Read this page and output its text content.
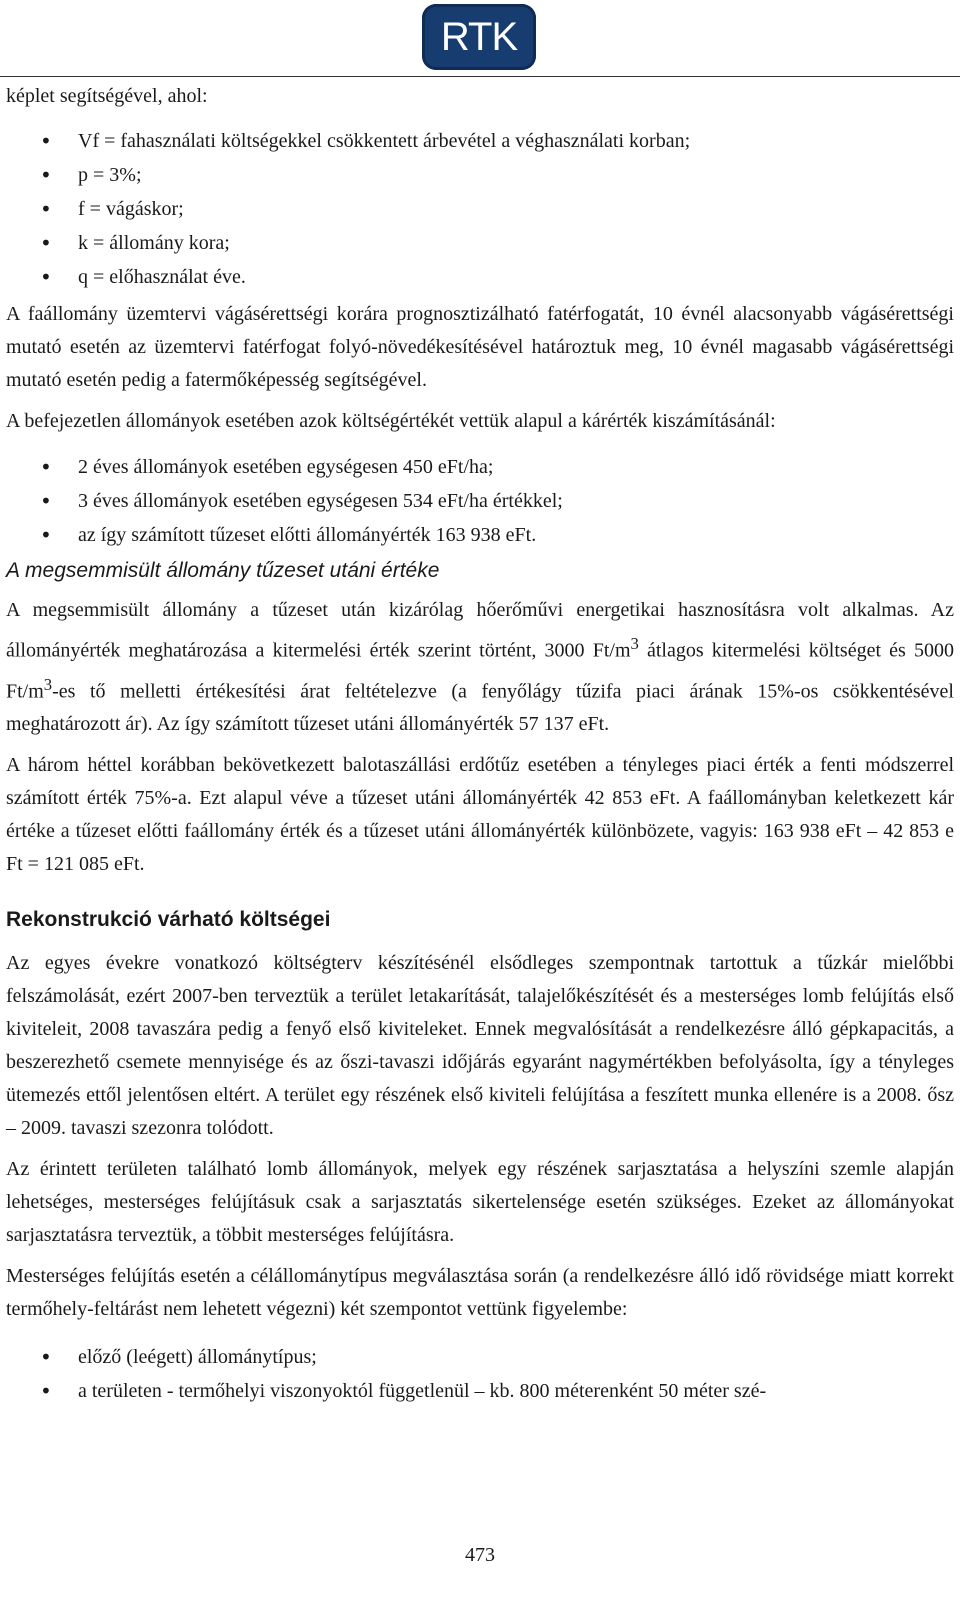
RTK

képlet segítségével, ahol:

• Vf = fahasználati költségekkel csökkentett árbevétel a véghasználati korban;
• p = 3%;
• f = vágáskor;
• k = állomány kora;
• q = előhasználat éve.

A faállomány üzemtervi vágásérettségi korára prognosztizálható fatérfogatát, 10 évnél alacsonyabb vágásérettségi mutató esetén az üzemtervi fatérfogat folyó-növedékesítésével határoztuk meg, 10 évnél magasabb vágásérettségi mutató esetén pedig a fatermőképesség segítségével.

A befejezetlen állományok esetében azok költségértékét vettük alapul a kárérték kiszámításánál:

• 2 éves állományok esetében egységesen 450 eFt/ha;
• 3 éves állományok esetében egységesen 534 eFt/ha értékkel;
• az így számított tűzeset előtti állományérték 163 938 eFt.
A megsemmisült állomány tűzeset utáni értéke

A megsemmisült állomány a tűzeset után kizárólag hőerőművi energetikai hasznosításra volt alkalmas. Az állományérték meghatározása a kitermelési érték szerint történt, 3000 $Ft/m^3$ átlagos kitermelési költséget és 5000 $Ft/m^3-es$ tő melletti értékesítési árat feltételezve (a fenyőlágy tűzifa piaci árának 15%-os csökkentésével meghatározott ár). Az így számított tűzeset utáni állományérték 57 137 eFt.

A három héttel korábban bekövetkezett balotaszállási erdőtűz esetében a tényleges piaci érték a fenti módszerrel számított érték 75%-a. Ezt alapul véve a tűzeset utáni állományérték 42 853 eFt. A faállományban keletkezett kár értéke a tűzeset előtti faállomány érték és a tűzeset utáni állományérték különbözete, vagyis: 163 938 eFt – 42 853 e Ft = 121 085 eFt.

Rekonstrukció várható költségei

Az egyes évekre vonatkozó költségterv készítésénél elsődleges szempontnak tartottuk a tűzkár mielőbbi felszámolását, ezért 2007-ben terveztük a terület letakarítását, talajelőkészítését és a mesterséges lomb felújítás első kiviteleit, 2008 tavaszára pedig a fenyő első kiviteleket. Ennek megvalósítását a rendelkezésre álló gépkapacitás, a beszerezhető csemete mennyisége és az őszi-tavaszi időjárás egyaránt nagymértékben befolyásolta, így a tényleges ütemezés ettől jelentősen eltért. A terület egy részének első kiviteli felújítása a feszített munka ellenére is a 2008. ősz – 2009. tavaszi szezonra tolódott.

Az érintett területen található lomb állományok, melyek egy részének sarjasztatása a helyszíni szemle alapján lehetséges, mesterséges felújításuk csak a sarjasztatás sikertelensége esetén szükséges. Ezeket az állományokat sarjasztatásra terveztük, a többit mesterséges felújításra.

Mesterséges felújítás esetén a célállománytípus megválasztása során (a rendelkezésre álló idő rövidsége miatt korrekt termőhely-feltárást nem lehetett végezni) két szempontot vettünk figyelembe:

• előző (leégett) állománytípus;
• a területen - termőhelyi viszonyoktól függetlenül – kb. 800 méterenként 50 méter szé-
473
